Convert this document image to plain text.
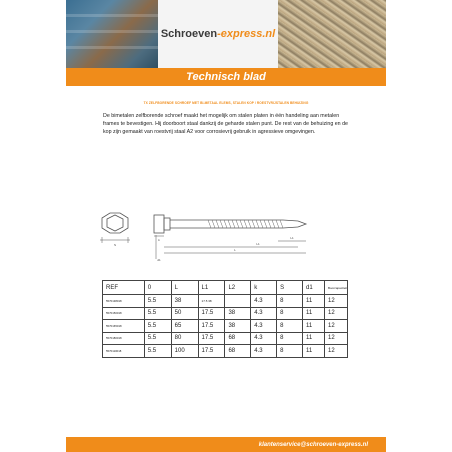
Schroeven-express.nl
Technisch blad
TX ZELFBORENDE SCHROEF MET BI-METAAL ELEMS, STALEN KOP / ROESTVRIJSTALEN BEHUIZING

De bimetalen zelfborende schroef maakt het mogelijk om stalen platen in één handeling aan metalen frames te bevestigen. Hij doorboort staal dankzij de geharde stalen punt. De rest van de behuizing en de kop zijn gemaakt van roestvrij staal A2 voor corrosievrij gebruik in agressieve omgevingen.

S
k
d1
L1
L1
L
REF	0	L	L1	L2	k	S	d1	Boorcapaciteit
5570138018	5.5	38	17.5 38		4.3	8	11	12
5570150018	5.5	50	17.5	38	4.3	8	11	12
5570165018	5.5	65	17.5	38	4.3	8	11	12
5570180018	5.5	80	17.5	68	4.3	8	11	12
5570110018	5.5	100	17.5	68	4.3	8	11	12
klantenservice@schroeven-express.nl
